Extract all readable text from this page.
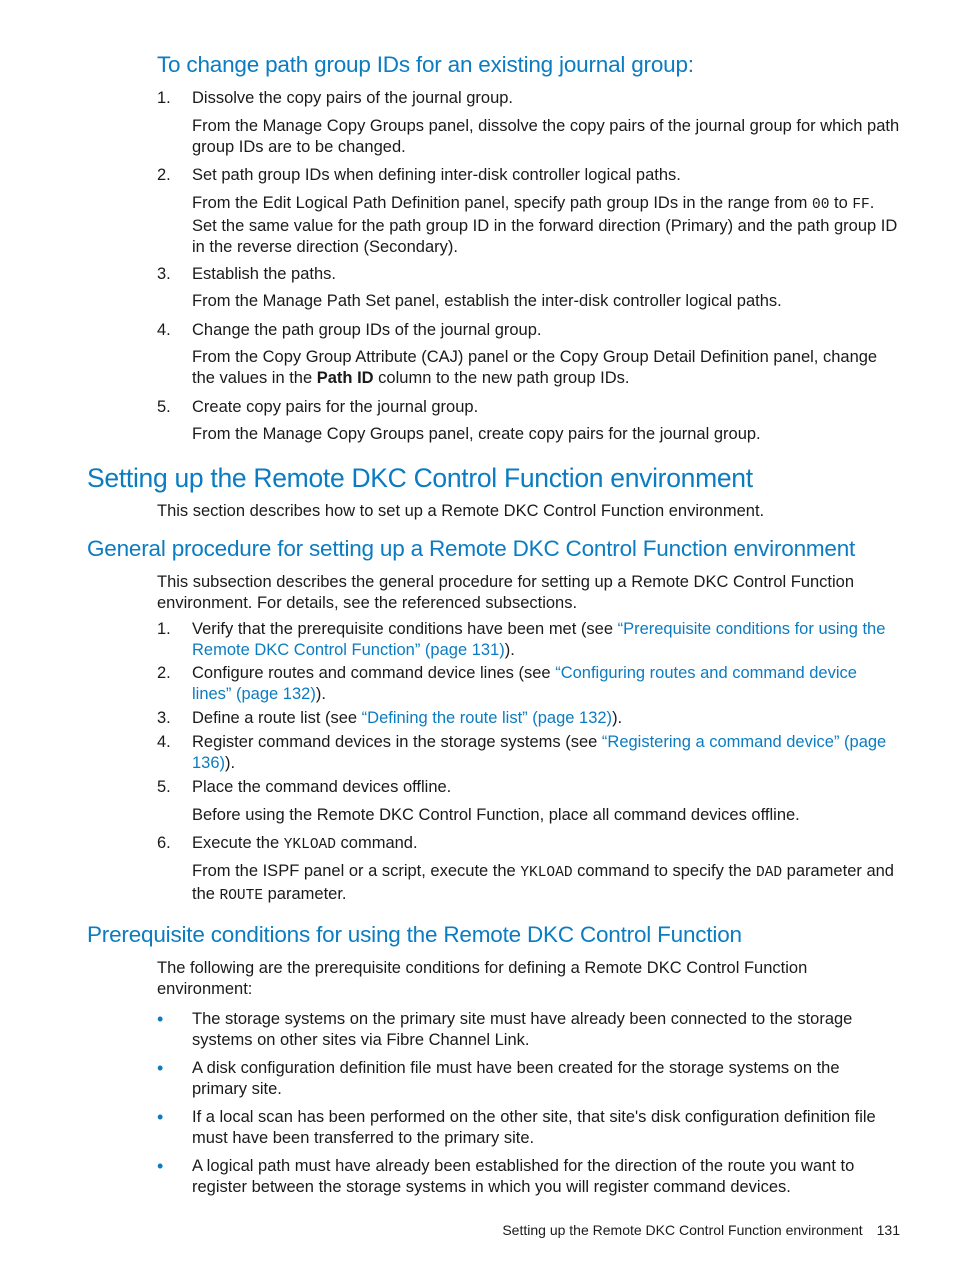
To change path group IDs for an existing journal group:
1.	Dissolve the copy pairs of the journal group.

From the Manage Copy Groups panel, dissolve the copy pairs of the journal group for which path group IDs are to be changed.

2.	Set path group IDs when defining inter-disk controller logical paths.

From the Edit Logical Path Definition panel, specify path group IDs in the range from 00 to FF. Set the same value for the path group ID in the forward direction (Primary) and the path group ID in the reverse direction (Secondary).

3.	Establish the paths.

From the Manage Path Set panel, establish the inter-disk controller logical paths.

4.	Change the path group IDs of the journal group.

From the Copy Group Attribute (CAJ) panel or the Copy Group Detail Definition panel, change the values in the Path ID column to the new path group IDs.

5.	Create copy pairs for the journal group.

From the Manage Copy Groups panel, create copy pairs for the journal group.

Setting up the Remote DKC Control Function environment

This section describes how to set up a Remote DKC Control Function environment.

General procedure for setting up a Remote DKC Control Function environment

This subsection describes the general procedure for setting up a Remote DKC Control Function environment. For details, see the referenced subsections.

1.	Verify that the prerequisite conditions have been met (see “Prerequisite conditions for using the Remote DKC Control Function” (page 131)).
2.	Configure routes and command device lines (see “Configuring routes and command device lines” (page 132)).
3.	Define a route list (see “Defining the route list” (page 132)).
4.	Register command devices in the storage systems (see “Registering a command device” (page 136)).
5.	Place the command devices offline.

Before using the Remote DKC Control Function, place all command devices offline.

6.	Execute the YKLOAD command.

From the ISPF panel or a script, execute the YKLOAD command to specify the DAD parameter and the ROUTE parameter.

Prerequisite conditions for using the Remote DKC Control Function

The following are the prerequisite conditions for defining a Remote DKC Control Function environment:

•	The storage systems on the primary site must have already been connected to the storage systems on other sites via Fibre Channel Link.
•	A disk configuration definition file must have been created for the storage systems on the primary site.
•	If a local scan has been performed on the other site, that site's disk configuration definition file must have been transferred to the primary site.
•	A logical path must have already been established for the direction of the route you want to register between the storage systems in which you will register command devices.
Setting up the Remote DKC Control Function environment 131
